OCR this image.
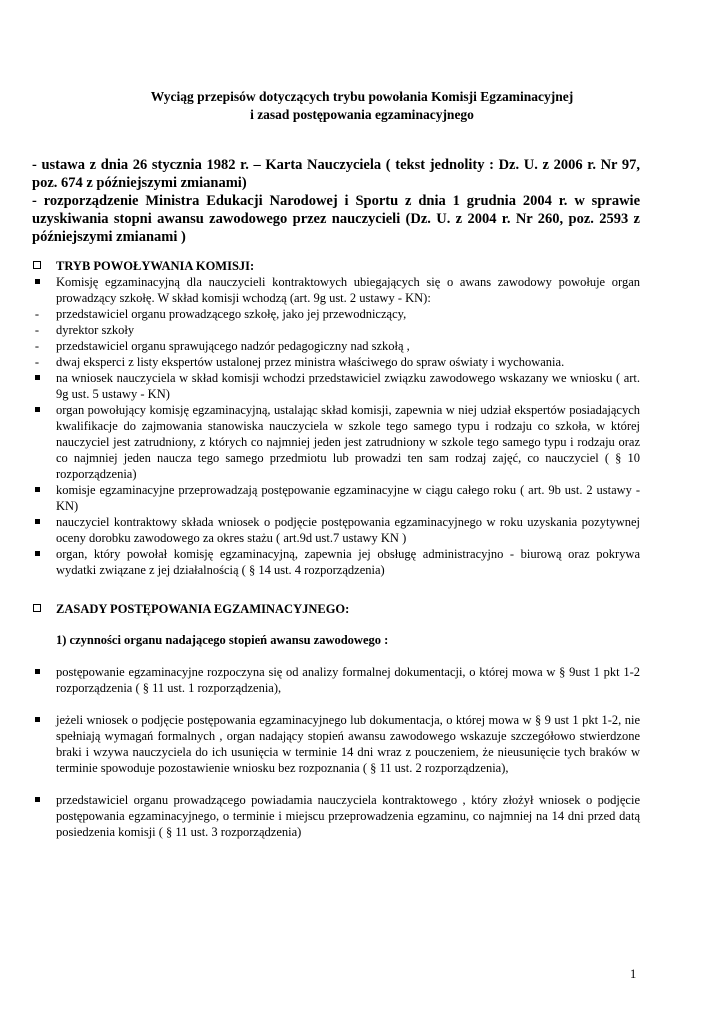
Wyciąg przepisów dotyczących trybu powołania Komisji Egzaminacyjnej
i zasad postępowania egzaminacyjnego

- ustawa z dnia 26 stycznia 1982 r. – Karta Nauczyciela ( tekst jednolity : Dz. U. z 2006 r. Nr 97, poz. 674 z późniejszymi zmianami)

- rozporządzenie Ministra Edukacji Narodowej i Sportu z dnia 1 grudnia 2004 r. w sprawie uzyskiwania stopni awansu zawodowego przez nauczycieli (Dz. U. z 2004 r. Nr 260, poz. 2593 z późniejszymi zmianami )

TRYB POWOŁYWANIA KOMISJI:
Komisję egzaminacyjną dla nauczycieli kontraktowych ubiegających się o awans zawodowy powołuje organ prowadzący szkołę. W skład komisji wchodzą (art. 9g ust. 2 ustawy - KN):
- przedstawiciel organu prowadzącego szkołę, jako jej przewodniczący,
- dyrektor szkoły
- przedstawiciel organu sprawującego nadzór pedagogiczny nad szkołą ,
- dwaj eksperci z listy ekspertów ustalonej przez ministra właściwego do spraw oświaty i wychowania.
na wniosek nauczyciela w skład komisji wchodzi przedstawiciel związku zawodowego wskazany we wniosku ( art. 9g ust. 5 ustawy - KN)
organ powołujący komisję egzaminacyjną, ustalając skład komisji, zapewnia w niej udział ekspertów posiadających kwalifikacje do zajmowania stanowiska nauczyciela w szkole tego samego typu i rodzaju co szkoła, w której nauczyciel jest zatrudniony, z których co najmniej jeden jest zatrudniony w szkole tego samego typu i rodzaju oraz co najmniej jeden naucza tego samego przedmiotu lub prowadzi ten sam rodzaj zajęć, co nauczyciel ( § 10 rozporządzenia)
komisje egzaminacyjne przeprowadzają postępowanie egzaminacyjne w ciągu całego roku ( art. 9b ust. 2 ustawy - KN)
nauczyciel kontraktowy składa wniosek o podjęcie postępowania egzaminacyjnego w roku uzyskania pozytywnej oceny dorobku zawodowego za okres stażu ( art.9d ust.7 ustawy KN )
organ, który powołał komisję egzaminacyjną, zapewnia jej obsługę administracyjno - biurową oraz pokrywa wydatki związane z jej działalnością ( § 14 ust. 4 rozporządzenia)
ZASADY POSTĘPOWANIA EGZAMINACYJNEGO:

1) czynności organu nadającego stopień awansu zawodowego :

postępowanie egzaminacyjne rozpoczyna się od analizy formalnej dokumentacji, o której mowa w § 9ust 1 pkt 1-2 rozporządzenia ( § 11 ust. 1 rozporządzenia),
jeżeli wniosek o podjęcie postępowania egzaminacyjnego lub dokumentacja, o której mowa w § 9 ust 1 pkt 1-2, nie spełniają wymagań formalnych , organ nadający stopień awansu zawodowego wskazuje szczegółowo stwierdzone braki i wzywa nauczyciela do ich usunięcia w terminie 14 dni wraz z pouczeniem, że nieusunięcie tych braków w terminie spowoduje pozostawienie wniosku bez rozpoznania ( § 11 ust. 2 rozporządzenia),
przedstawiciel organu prowadzącego powiadamia nauczyciela kontraktowego , który złożył wniosek o podjęcie postępowania egzaminacyjnego, o terminie i miejscu przeprowadzenia egzaminu, co najmniej na 14 dni przed datą posiedzenia komisji ( § 11 ust. 3 rozporządzenia)
1
